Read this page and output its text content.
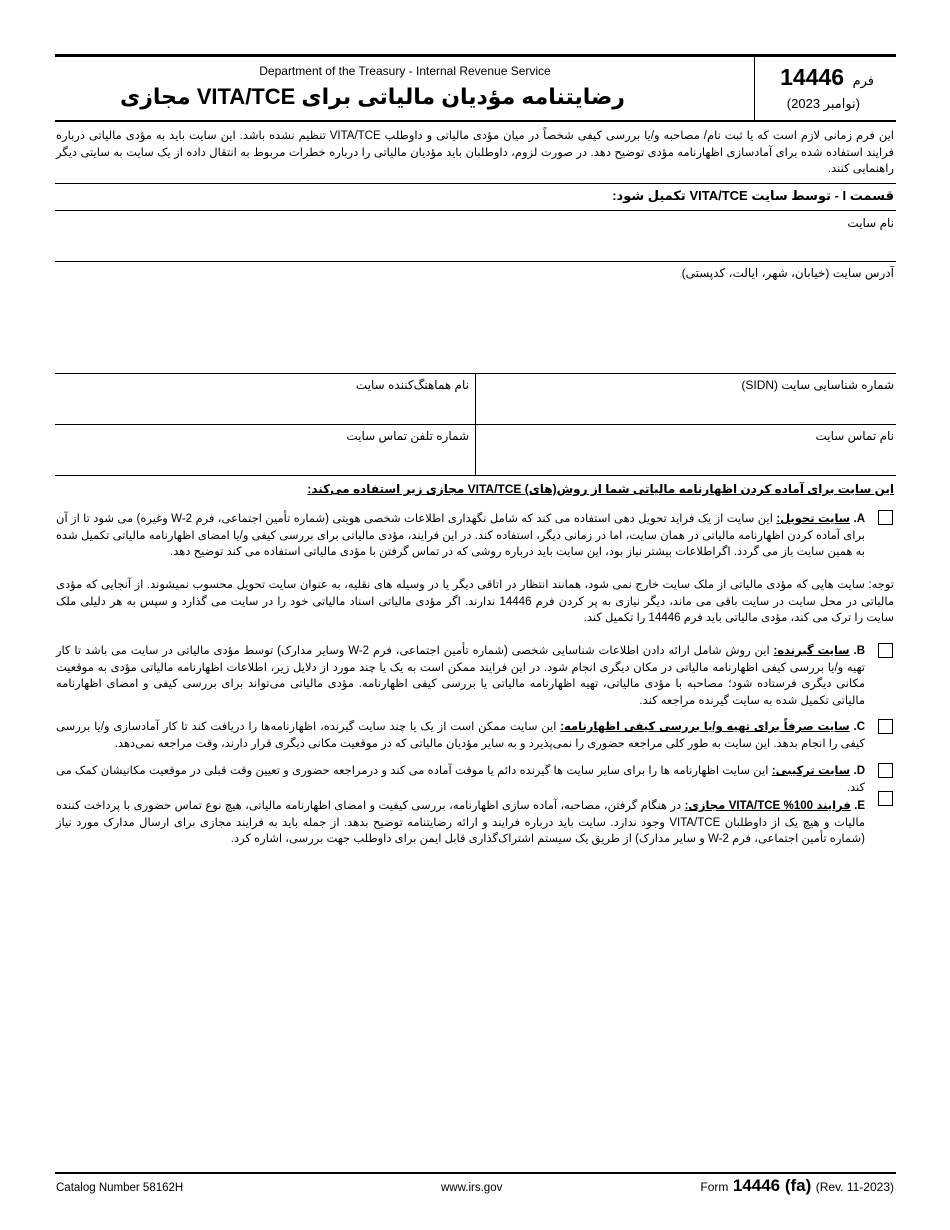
فرم 14446
(نوامبر 2023)
Department of the Treasury - Internal Revenue Service
رضایتنامه مؤدیان مالیاتی برای VITA/TCE مجازی
این فرم زمانی لازم است که یا ثبت نام/ مصاحبه و/یا بررسی کیفی شخصاً در میان مؤدی مالیاتی و داوطلب VITA/TCE تنظیم نشده باشد. این سایت باید به مؤدی مالیاتی درباره فرایند استفاده شده برای آمادسازی اظهارنامه مؤدی توضیح دهد. در صورت لزوم، داوطلبان باید مؤدیان مالیاتی را درباره خطرات مربوط به انتقال داده از یک سایت به سایتی دیگر راهنمایی کنند.
قسمت I - توسط سایت VITA/TCE تکمیل شود:
نام سایت
آدرس سایت (خیابان، شهر، ایالت، کدپستی)
شماره شناسایی سایت (SIDN)
نام هماهنگ‌کننده سایت
نام تماس سایت
شماره تلفن تماس سایت
این سایت برای آماده کردن اظهارنامه مالیاتی شما از روش(های) VITA/TCE مجازی زیر استفاده می‌کند:
A. سایت تحویل: این سایت از یک فراید تحویل دهی استفاده می کند که شامل نگهداری اطلاعات شخصی هویتی (شماره تأمین اجتماعی، فرم W-2 وغیره) می شود تا از آن برای آماده کردن اظهارنامه مالیاتی در همان سایت، اما در زمانی دیگر، استفاده کند. در این فرایند، مؤدی مالیاتی برای بررسی کیفی و/یا امضای اظهارنامه مالیاتی تکمیل شده به همین سایت باز می گردد. اگراطلاعات بیشتر نیاز بود، این سایت باید درباره روشی که در تماس گرفتن با مؤدی مالیاتی استفاده می کند توضیح دهد.
توجه: سایت هایی که مؤدی مالیاتی از ملک سایت خارج نمی شود، همانند انتظار در اتاقی دیگر یا در وسیله های نقلیه، به عنوان سایت تحویل محسوب نمیشوند. از آنجایی که مؤدی مالیاتی در محل سایت در سایت باقی می ماند، دیگر نیازی به پر کردن فرم 14446 ندارند. اگر مؤدی مالیاتی اسناد مالیاتی خود را در سایت می گذارد و سپس به هر دلیلی ملک سایت را ترک می کند، مؤدی مالیاتی باید فرم 14446 را تکمیل کند.
B. سایت گیرنده: این روش شامل ارائه دادن اطلاعات شناسایی شخصی (شماره تأمین اجتماعی، فرم W-2 وسایر مدارک) توسط مؤدی مالیاتی در سایت می باشد تا کار تهیه و/یا بررسی کیفی اظهارنامه مالیاتی در مکان دیگری انجام شود. در این فرایند ممکن است به یک یا چند مورد از دلایل زیر، اطلاعات اظهارنامه مالیاتی مؤدی به موقعیت مکانی دیگری فرستاده شود؛ مصاحبه با مؤدی مالیاتی، تهیه اظهارنامه مالیاتی یا بررسی کیفی اظهارنامه. مؤدی مالیاتی می‌تواند برای بررسی کیفی و امضای اظهارنامه مالیاتی تکمیل شده به سایت گیرنده مراجعه کند.
C. سایت صرفاً برای تهیه و/یا بررسی کیفی اظهارنامه: این سایت ممکن است از یک یا چند سایت گیرنده، اظهارنامه‌ها را دریافت کند تا کار آمادسازی و/یا بررسی کیفی را انجام بدهد. این سایت به طور کلی مراجعه حضوری را نمی‌پذیرد و به سایر مؤدیان مالیاتی که در موقعیت مکانی دیگری قرار دارند، وقت مراجعه نمی‌دهد.
D. سایت ترکیبی: این سایت اظهارنامه ها را برای سایر سایت ها گیرنده دائم یا موقت آماده می کند و درمراجعه حضوری و تعیین وقت قبلی در موقعیت مکانیشان کمک می کند.
E. فرایند 100% VITA/TCE مجازی: در هنگام گرفتن، مصاحبه، آماده سازی اظهارنامه، بررسی کیفیت و امضای اظهارنامه مالیاتی، هیچ نوع تماس حضوری با پرداخت کننده مالیات و هیچ یک از داوطلبان VITA/TCE وجود ندارد. سایت باید درباره فرایند و ارائه رضایتنامه توضیح بدهد. از جمله باید به فرایند مجازی برای ارسال مدارک مورد نیاز (شماره تأمین اجتماعی، فرم W-2 و سایر مدارک) از طریق یک سیستم اشتراک‌گذاری قابل ایمن برای داوطلب جهت بررسی، اشاره کرد.
Catalog Number 58162H	www.irs.gov	Form 14446 (fa) (Rev. 11-2023)
